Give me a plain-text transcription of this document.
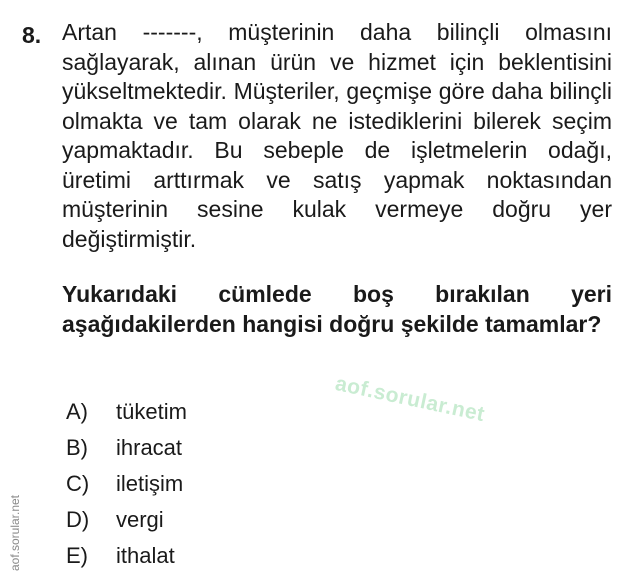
8. Artan -------, müşterinin daha bilinçli olmasını sağlayarak, alınan ürün ve hizmet için beklentisini yükseltmektedir. Müşteriler, geçmişe göre daha bilinçli olmakta ve tam olarak ne istediklerini bilerek seçim yapmaktadır. Bu sebeple de işletmelerin odağı, üretimi arttırmak ve satış yapmak noktasından müşterinin sesine kulak vermeye doğru yer değiştirmiştir.

Yukarıdaki cümlede boş bırakılan yeri aşağıdakilerden hangisi doğru şekilde tamamlar?

A)	tüketim
B)	ihracat
C)	iletişim
D)	vergi
E)	ithalat
aof.sorular.net
aof.sorular.net
